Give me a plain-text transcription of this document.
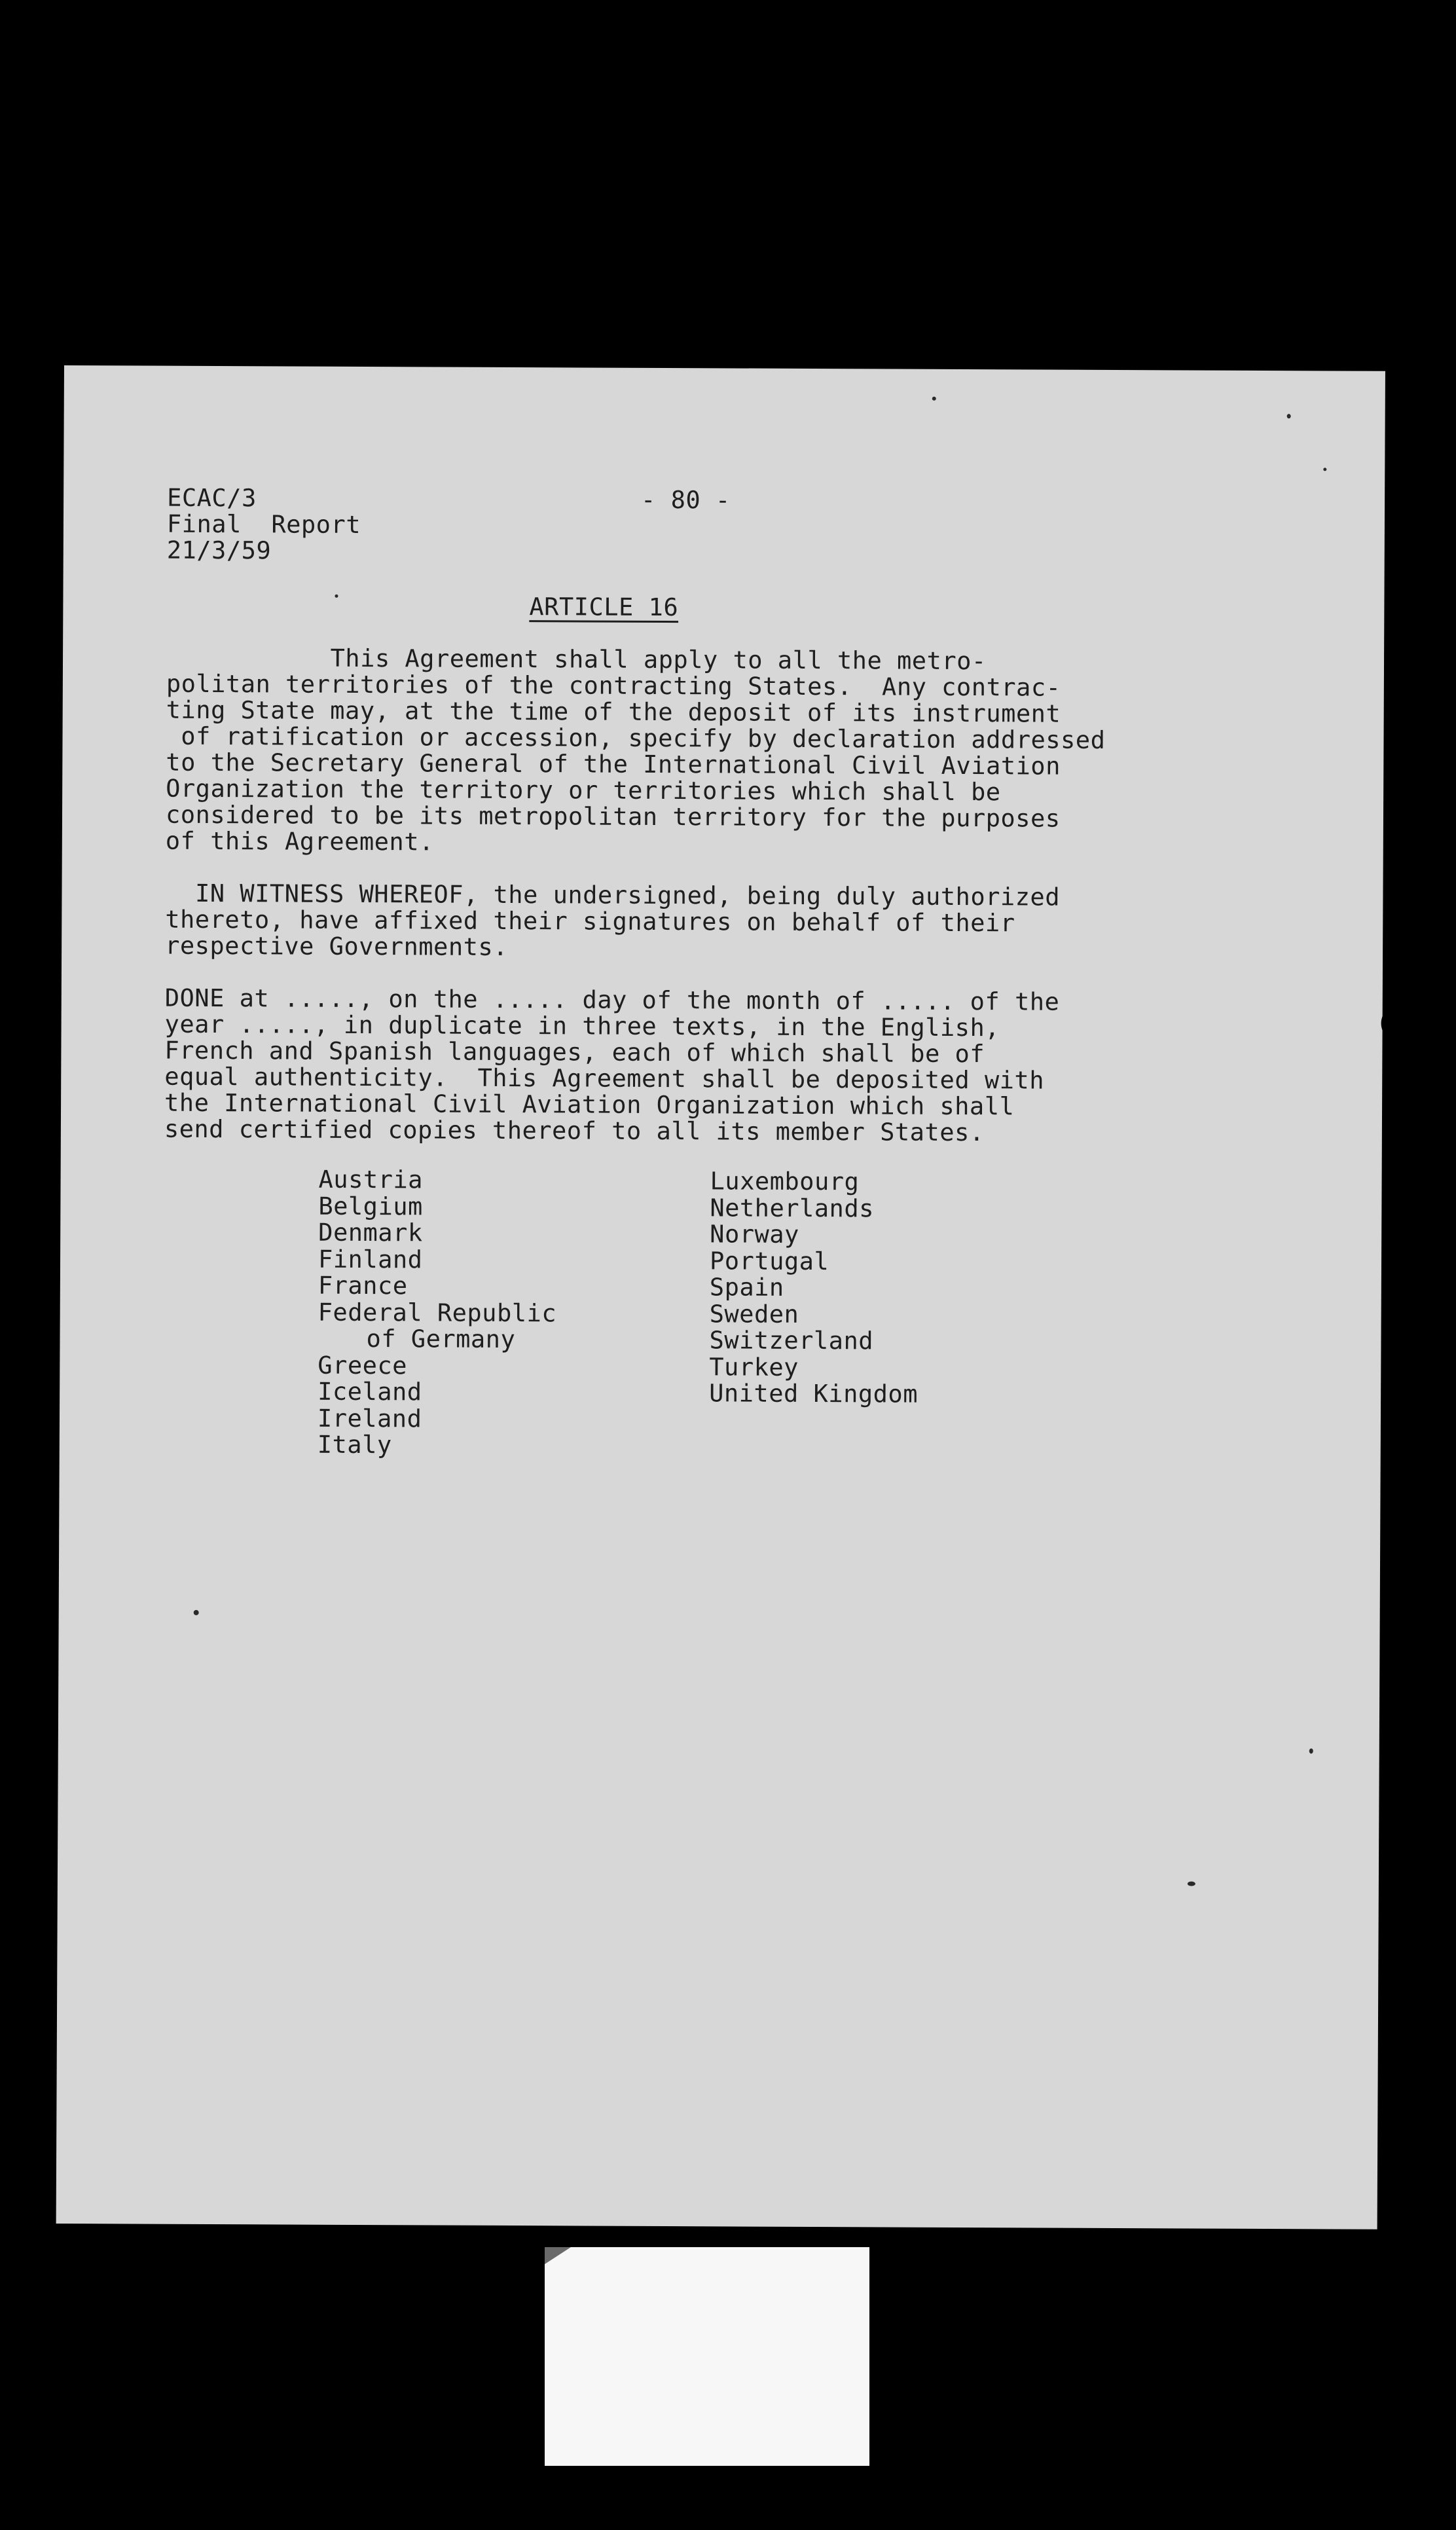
ECAC/3
Final  Report
21/3/59
- 80 -
ARTICLE 16

This Agreement shall apply to all the metro-
politan territories of the contracting States.  Any contrac-
ting State may, at the time of the deposit of its instrument
of ratification or accession, specify by declaration addressed
to the Secretary General of the International Civil Aviation
Organization the territory or territories which shall be
considered to be its metropolitan territory for the purposes
of this Agreement.

IN WITNESS WHEREOF, the undersigned, being duly authorized
thereto, have affixed their signatures on behalf of their
respective Governments.

DONE at ....., on the ..... day of the month of ..... of the
year ....., in duplicate in three texts, in the English,
French and Spanish languages, each of which shall be of
equal authenticity.  This Agreement shall be deposited with
the International Civil Aviation Organization which shall
send certified copies thereof to all its member States.

Austria
Belgium
Denmark
Finland
France
Federal Republic
of Germany
Greece
Iceland
Ireland
Italy
Luxembourg
Netherlands
Norway
Portugal
Spain
Sweden
Switzerland
Turkey
United Kingdom
